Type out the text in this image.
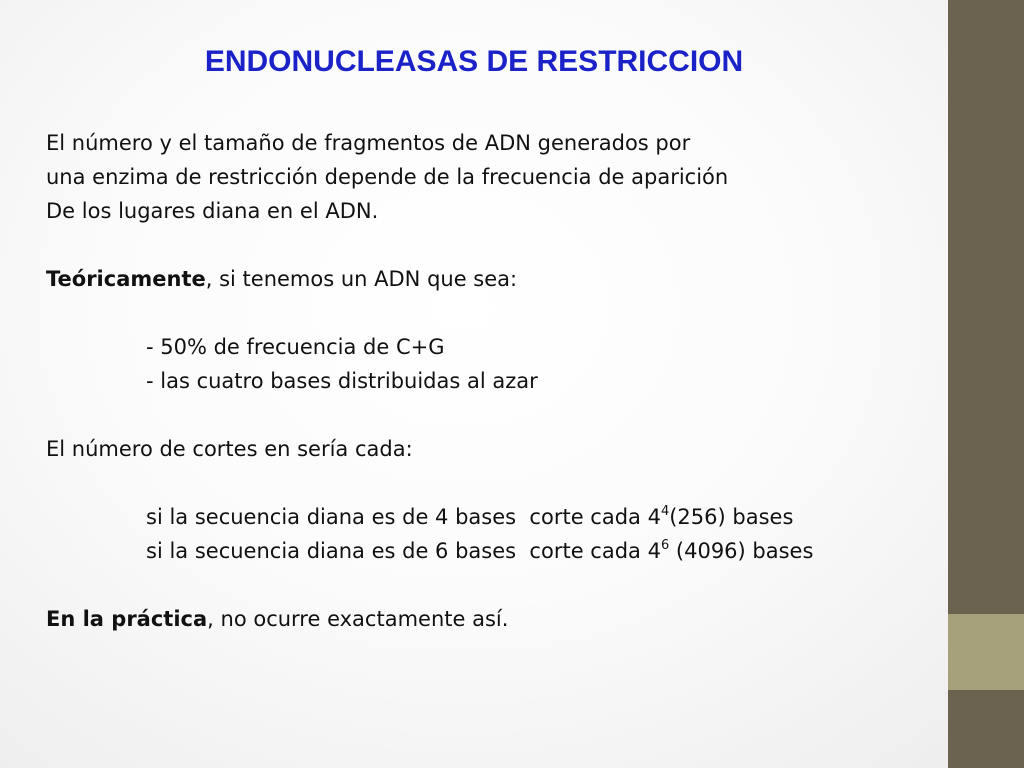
ENDONUCLEASAS DE RESTRICCION
El número y el tamaño de fragmentos de ADN generados por
una enzima de restricción depende de la frecuencia de aparición
De los lugares diana en el ADN.
Teóricamente, si tenemos un ADN que sea:
- 50% de frecuencia de C+G
- las cuatro bases distribuidas al azar
El número de cortes en sería cada:
si la secuencia diana es de 4 bases  corte cada $4^4(256)$ bases
si la secuencia diana es de 6 bases  corte cada $4^6$ (4096) bases
En la práctica, no ocurre exactamente así.
